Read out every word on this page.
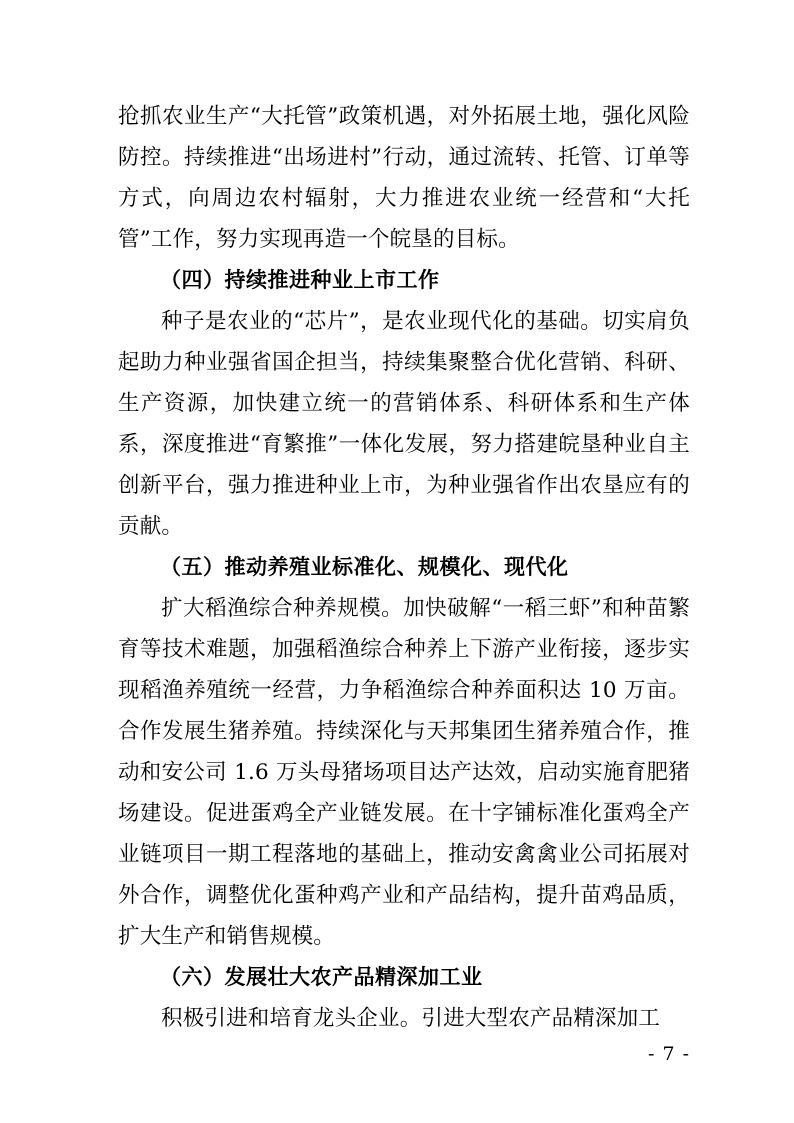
抢抓农业生产“大托管”政策机遇，对外拓展土地，强化风险防控。持续推进“出场进村”行动，通过流转、托管、订单等方式，向周边农村辐射，大力推进农业统一经营和“大托管”工作，努力实现再造一个皖垦的目标。

（四）持续推进种业上市工作

种子是农业的“芯片”，是农业现代化的基础。切实肩负起助力种业强省国企担当，持续集聚整合优化营销、科研、生产资源，加快建立统一的营销体系、科研体系和生产体系，深度推进“育繁推”一体化发展，努力搭建皖垦种业自主创新平台，强力推进种业上市，为种业强省作出农垦应有的贡献。

（五）推动养殖业标准化、规模化、现代化

扩大稻渔综合种养规模。加快破解“一稻三虾”和种苗繁育等技术难题，加强稻渔综合种养上下游产业衔接，逐步实现稻渔养殖统一经营，力争稻渔综合种养面积达 10 万亩。合作发展生猪养殖。持续深化与天邦集团生猪养殖合作，推动和安公司 1.6 万头母猪场项目达产达效，启动实施育肥猪场建设。促进蛋鸡全产业链发展。在十字铺标准化蛋鸡全产业链项目一期工程落地的基础上，推动安禽禽业公司拓展对外合作，调整优化蛋种鸡产业和产品结构，提升苗鸡品质，扩大生产和销售规模。

（六）发展壮大农产品精深加工业

积极引进和培育龙头企业。引进大型农产品精深加工

- 7 -
